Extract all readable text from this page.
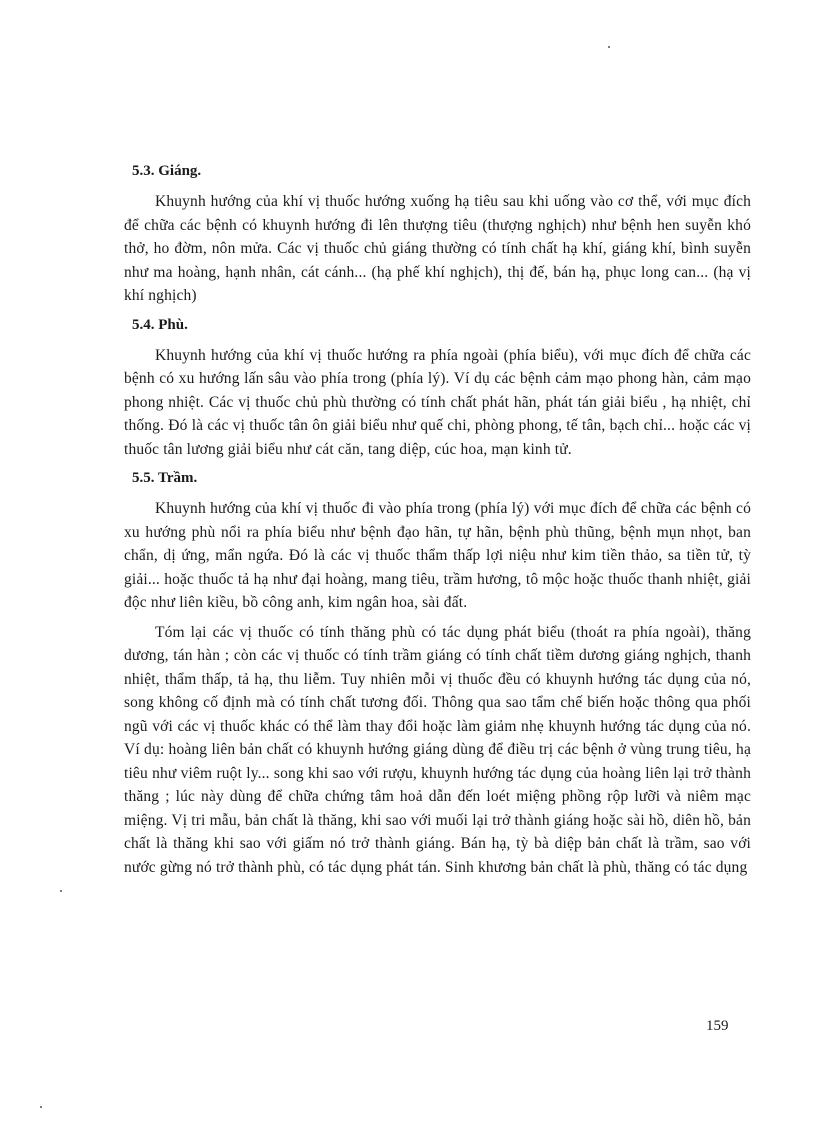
5.3. Giáng.

Khuynh hướng của khí vị thuốc hướng xuống hạ tiêu sau khi uống vào cơ thể, với mục đích để chữa các bệnh có khuynh hướng đi lên thượng tiêu (thượng nghịch) như bệnh hen suyễn khó thở, ho đờm, nôn mửa. Các vị thuốc chủ giáng thường có tính chất hạ khí, giáng khí, bình suyễn như ma hoàng, hạnh nhân, cát cánh... (hạ phế khí nghịch), thị đế, bán hạ, phục long can... (hạ vị khí nghịch)

5.4. Phù.

Khuynh hướng của khí vị thuốc hướng ra phía ngoài (phía biểu), với mục đích để chữa các bệnh có xu hướng lấn sâu vào phía trong (phía lý). Ví dụ các bệnh cảm mạo phong hàn, cảm mạo phong nhiệt. Các vị thuốc chủ phù thường có tính chất phát hãn, phát tán giải biểu , hạ nhiệt, chỉ thống. Đó là các vị thuốc tân ôn giải biểu như quế chi, phòng phong, tế tân, bạch chỉ... hoặc các vị thuốc tân lương giải biểu như cát căn, tang diệp, cúc hoa, mạn kinh tử.

5.5. Trầm.

Khuynh hướng của khí vị thuốc đi vào phía trong (phía lý) với mục đích để chữa các bệnh có xu hướng phù nổi ra phía biểu như bệnh đạo hãn, tự hãn, bệnh phù thũng, bệnh mụn nhọt, ban chẩn, dị ứng, mẩn ngứa. Đó là các vị thuốc thẩm thấp lợi niệu như kim tiền thảo, sa tiền tử, tỳ giải... hoặc thuốc tả hạ như đại hoàng, mang tiêu, trầm hương, tô mộc hoặc thuốc thanh nhiệt, giải độc như liên kiều, bồ công anh, kim ngân hoa, sài đất.

Tóm lại các vị thuốc có tính thăng phù có tác dụng phát biểu (thoát ra phía ngoài), thăng dương, tán hàn ; còn các vị thuốc có tính trầm giáng có tính chất tiềm dương giáng nghịch, thanh nhiệt, thẩm thấp, tả hạ, thu liễm. Tuy nhiên mỗi vị thuốc đều có khuynh hướng tác dụng của nó, song không cố định mà có tính chất tương đối. Thông qua sao tẩm chế biến hoặc thông qua phối ngũ với các vị thuốc khác có thể làm thay đổi hoặc làm giảm nhẹ khuynh hướng tác dụng của nó. Ví dụ: hoàng liên bản chất có khuynh hướng giáng dùng để điều trị các bệnh ở vùng trung tiêu, hạ tiêu như viêm ruột ly... song khi sao với rượu, khuynh hướng tác dụng của hoàng liên lại trở thành thăng ; lúc này dùng để chữa chứng tâm hoả dẫn đến loét miệng phồng rộp lưỡi và niêm mạc miệng. Vị tri mẫu, bản chất là thăng, khi sao với muối lại trở thành giáng hoặc sài hồ, diên hồ, bản chất là thăng khi sao với giấm nó trở thành giáng. Bán hạ, tỳ bà diệp bản chất là trầm, sao với nước gừng nó trở thành phù, có tác dụng phát tán. Sinh khương bản chất là phù, thăng có tác dụng

159
